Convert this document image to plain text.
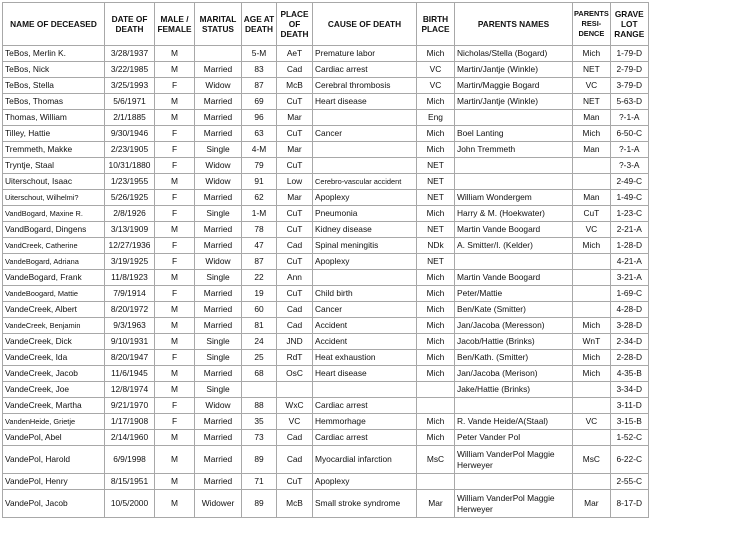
NAME OF DECEASED	DATE OF DEATH	MALE / FEMALE	MARITAL STATUS	AGE AT DEATH	PLACE OF DEATH	CAUSE OF DEATH	BIRTH PLACE	PARENTS NAMES	PARENTS RESI- DENCE	GRAVE LOT RANGE
TeBos, Merlin K.	3/28/1937	M		5-M	AeT	Premature labor	Mich	Nicholas/Stella (Bogard)	Mich	1-79-D
TeBos, Nick	3/22/1985	M	Married	83	Cad	Cardiac arrest	VC	Martin/Jantje (Winkle)	NET	2-79-D
TeBos, Stella	3/25/1993	F	Widow	87	McB	Cerebral thrombosis	VC	Martin/Maggie Bogard	VC	3-79-D
TeBos, Thomas	5/6/1971	M	Married	69	CuT	Heart disease	Mich	Martin/Jantje (Winkle)	NET	5-63-D
Thomas, William	2/1/1885	M	Married	96	Mar		Eng		Man	?-1-A
Tilley, Hattie	9/30/1946	F	Married	63	CuT	Cancer	Mich	Boel Lanting	Mich	6-50-C
Tremmeth, Makke	2/23/1905	F	Single	4-M	Mar		Mich	John Tremmeth	Man	?-1-A
Tryntje, Staal	10/31/1880	F	Widow	79	CuT		NET			?-3-A
Uiterschout, Isaac	1/23/1955	M	Widow	91	Low	Cerebro-vascular accident	NET			2-49-C
Uiterschout, Wilhelmi?	5/26/1925	F	Married	62	Mar	Apoplexy	NET	William Wondergem	Man	1-49-C
VandBogard, Maxine R.	2/8/1926	F	Single	1-M	CuT	Pneumonia	Mich	Harry & M. (Hoekwater)	CuT	1-23-C
VandBogard, Dingens	3/13/1909	M	Married	78	CuT	Kidney disease	NET	Martin Vande Boogard	VC	2-21-A
VandCreek, Catherine	12/27/1936	F	Married	47	Cad	Spinal meningitis	NDk	A. Smitter/I. (Kelder)	Mich	1-28-D
VandeBogard, Adriana	3/19/1925	F	Widow	87	CuT	Apoplexy	NET			4-21-A
VandeBogard, Frank	11/8/1923	M	Single	22	Ann		Mich	Martin Vande Boogard		3-21-A
VandeBoogard, Mattie	7/9/1914	F	Married	19	CuT	Child birth	Mich	Peter/Mattie		1-69-C
VandeCreek, Albert	8/20/1972	M	Married	60	Cad	Cancer	Mich	Ben/Kate (Smitter)		4-28-D
VandeCreek, Benjamin	9/3/1963	M	Married	81	Cad	Accident	Mich	Jan/Jacoba (Meresson)	Mich	3-28-D
VandeCreek, Dick	9/10/1931	M	Single	24	JND	Accident	Mich	Jacob/Hattie (Brinks)	WnT	2-34-D
VandeCreek, Ida	8/20/1947	F	Single	25	RdT	Heat exhaustion	Mich	Ben/Kath. (Smitter)	Mich	2-28-D
VandeCreek, Jacob	11/6/1945	M	Married	68	OsC	Heart disease	Mich	Jan/Jacoba (Merison)	Mich	4-35-B
VandeCreek, Joe	12/8/1974	M	Single					Jake/Hattie (Brinks)		3-34-D
VandeCreek, Martha	9/21/1970	F	Widow	88	WxC	Cardiac arrest				3-11-D
VandenHeide, Grietje	1/17/1908	F	Married	35	VC	Hemmorhage	Mich	R. Vande Heide/A(Staal)	VC	3-15-B
VandePol, Abel	2/14/1960	M	Married	73	Cad	Cardiac arrest	Mich	Peter Vander Pol		1-52-C
VandePol, Harold	6/9/1998	M	Married	89	Cad	Myocardial infarction	MsC	William VanderPol Maggie Herweyer	MsC	6-22-C
VandePol, Henry	8/15/1951	M	Married	71	CuT	Apoplexy				2-55-C
VandePol, Jacob	10/5/2000	M	Widower	89	McB	Small stroke syndrome	Mar	William VanderPol Maggie Herweyer	Mar	8-17-D
